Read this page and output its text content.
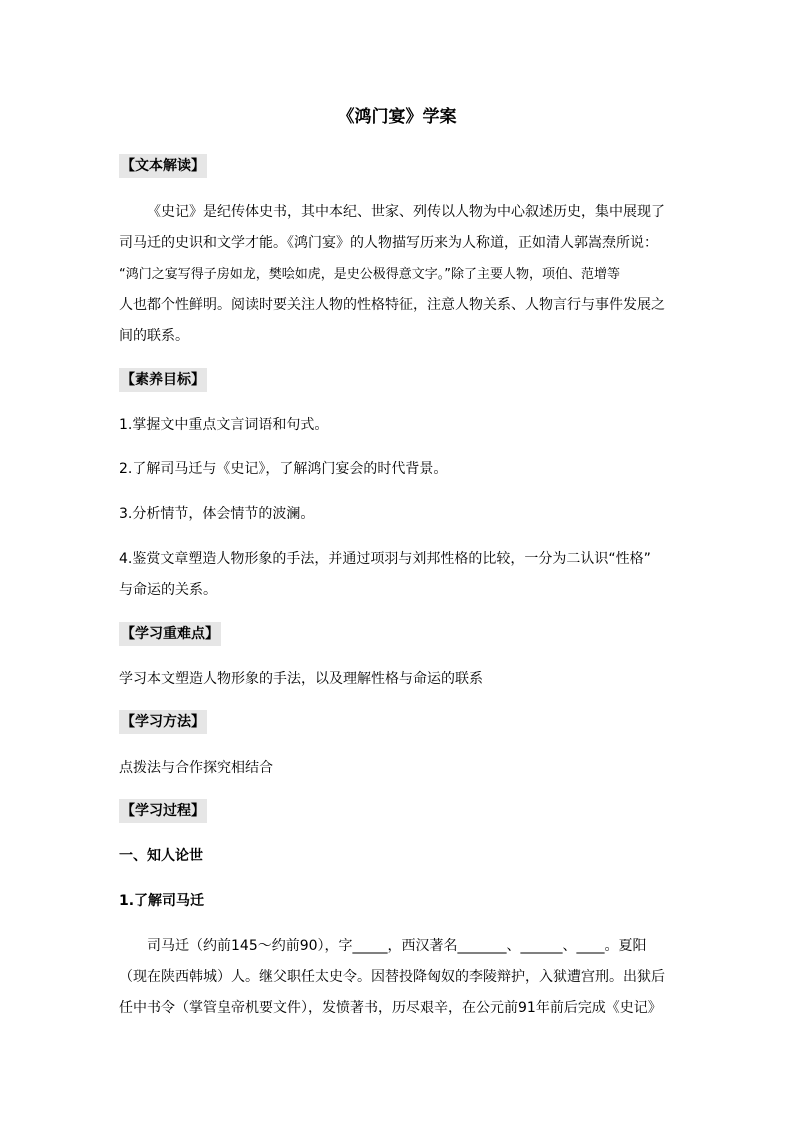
《鸿门宴》学案
【文本解读】
《史记》是纪传体史书，其中本纪、世家、列传以人物为中心叙述历史，集中展现了
司马迁的史识和文学才能。《鸿门宴》的人物描写历来为人称道，正如清人郭嵩焘所说：
“鸿门之宴写得子房如龙，樊哙如虎，是史公极得意文字。”除了主要人物，项伯、范增等
人也都个性鲜明。阅读时要关注人物的性格特征，注意人物关系、人物言行与事件发展之
间的联系。
【素养目标】
1.掌握文中重点文言词语和句式。
2.了解司马迁与《史记》，了解鸿门宴会的时代背景。
3.分析情节，体会情节的波澜。
4.鉴赏文章塑造人物形象的手法，并通过项羽与刘邦性格的比较，一分为二认识“性格”
与命运的关系。
【学习重难点】
学习本文塑造人物形象的手法，以及理解性格与命运的联系
【学习方法】
点拨法与合作探究相结合
【学习过程】
一、知人论世
1.了解司马迁
司马迁（约前145～约前90），字_____，西汉著名_______、______、____。夏阳
（现在陕西韩城）人。继父职任太史令。因替投降匈奴的李陵辩护，入狱遭宫刑。出狱后
任中书令（掌管皇帝机要文件），发愤著书，历尽艰辛，在公元前91年前后完成《史记》
